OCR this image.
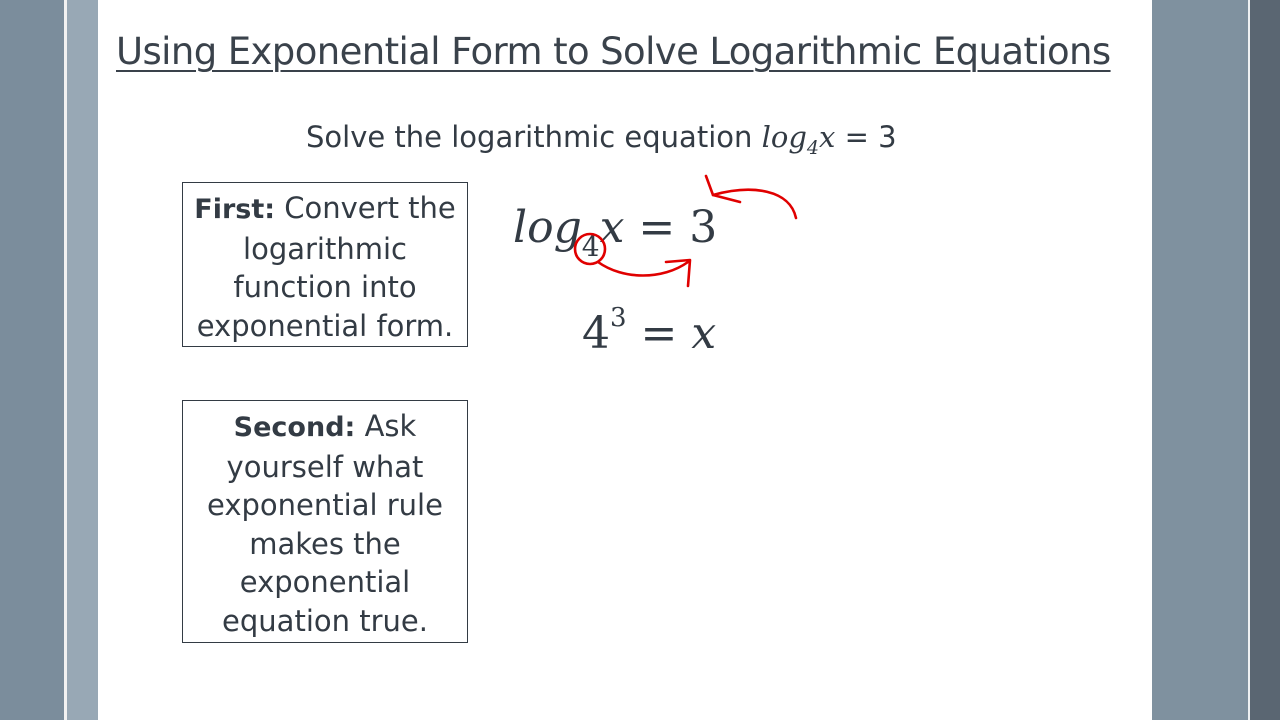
Using Exponential Form to Solve Logarithmic Equations
Solve the logarithmic equation $\log_4x = 3$
First: Convert the logarithmic function into exponential form.
Second: Ask yourself what exponential rule makes the exponential equation true.
$\log_4x = 3$
$4^3 = x$
